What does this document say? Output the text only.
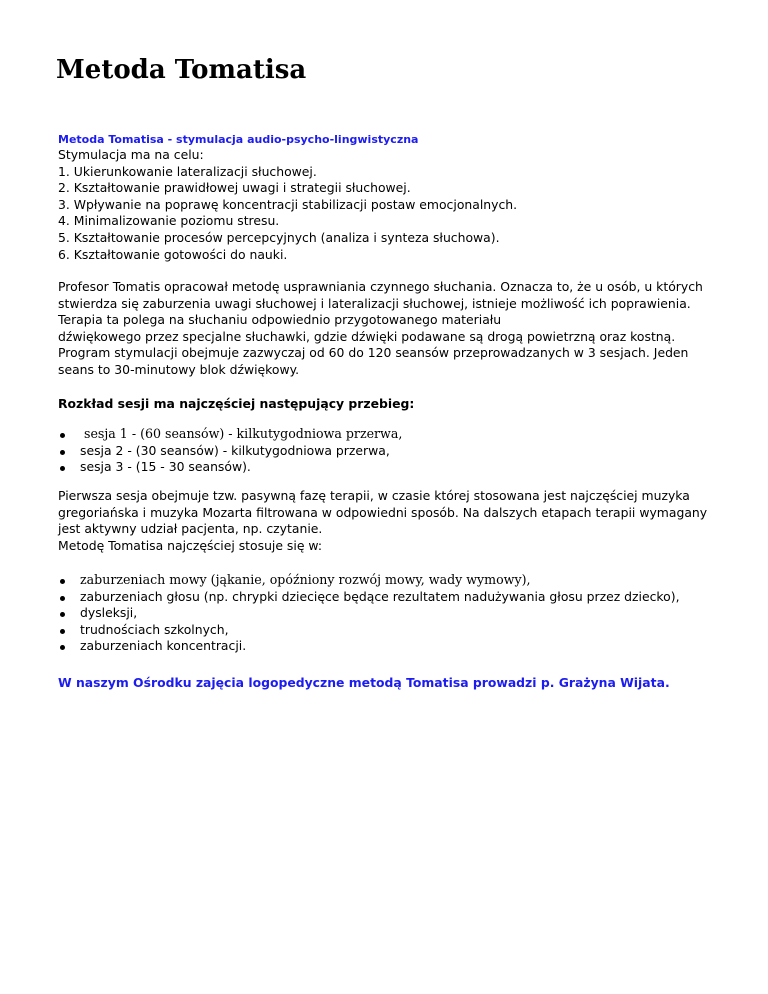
Metoda Tomatisa
Metoda Tomatisa - stymulacja audio-psycho-lingwistyczna
Stymulacja ma na celu:
1. Ukierunkowanie lateralizacji słuchowej.
2. Kształtowanie prawidłowej uwagi i strategii słuchowej.
3. Wpływanie na poprawę koncentracji stabilizacji postaw emocjonalnych.
4. Minimalizowanie poziomu stresu.
5. Kształtowanie procesów percepcyjnych (analiza i synteza słuchowa).
6. Kształtowanie gotowości do nauki.
Profesor Tomatis opracował metodę usprawniania czynnego słuchania. Oznacza to, że u osób, u których
stwierdza się zaburzenia uwagi słuchowej i lateralizacji słuchowej, istnieje możliwość ich poprawienia.
Terapia ta polega na słuchaniu odpowiednio przygotowanego materiału
dźwiękowego przez specjalne słuchawki, gdzie dźwięki podawane są drogą powietrzną oraz kostną.
Program stymulacji obejmuje zazwyczaj od 60 do 120 seansów przeprowadzanych w 3 sesjach. Jeden
seans to 30-minutowy blok dźwiękowy.
Rozkład sesji ma najczęściej następujący przebieg:
sesja 1 - (60 seansów) - kilkutygodniowa przerwa,
sesja 2 - (30 seansów) - kilkutygodniowa przerwa,
sesja 3 - (15 - 30 seansów).
Pierwsza sesja obejmuje tzw. pasywną fazę terapii, w czasie której stosowana jest najczęściej muzyka
gregoriańska i muzyka Mozarta filtrowana w odpowiedni sposób. Na dalszych etapach terapii wymagany
jest aktywny udział pacjenta, np. czytanie.
Metodę Tomatisa najczęściej stosuje się w:
zaburzeniach mowy (jąkanie, opóźniony rozwój mowy, wady wymowy),
zaburzeniach głosu (np. chrypki dziecięce będące rezultatem nadużywania głosu przez dziecko),
dysleksji,
trudnościach szkolnych,
zaburzeniach koncentracji.
W naszym Ośrodku zajęcia logopedyczne metodą Tomatisa prowadzi p. Grażyna Wijata.
